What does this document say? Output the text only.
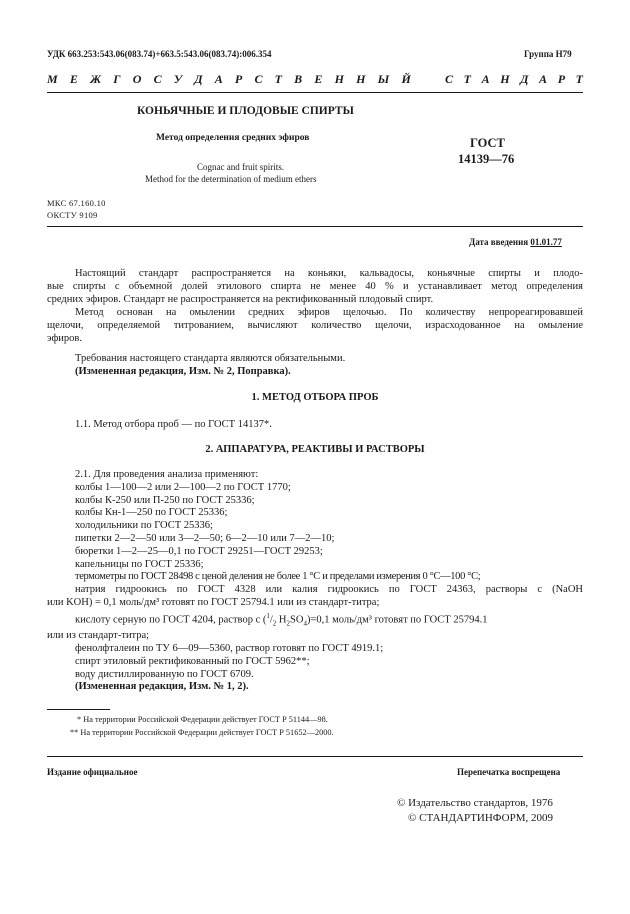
УДК 663.253:543.06(083.74)+663.5:543.06(083.74):006.354	Группа Н79
М Е Ж Г О С У Д А Р С Т В Е Н Н Ы Й	С Т А Н Д А Р Т
КОНЬЯЧНЫЕ И ПЛОДОВЫЕ СПИРТЫ
Метод определения средних эфиров
Cognac and fruit spirits.
Method for the determination of medium ethers
ГОСТ
14139—76
МКС 67.160.10
ОКСТУ 9109
Дата введения 01.01.77
Настоящий стандарт распространяется на коньяки, кальвадосы, коньячные спирты и плодо-
вые спирты с объемной долей этилового спирта не менее 40 % и устанавливает метод определения
средних эфиров. Стандарт не распространяется на ректификованный плодовый спирт.
Метод основан на омылении средних эфиров щелочью. По количеству непрореагировавшей
щелочи, определяемой титрованием, вычисляют количество щелочи, израсходованное на омыление
эфиров.
Требования настоящего стандарта являются обязательными.
(Измененная редакция, Изм. № 2, Поправка).
1. МЕТОД ОТБОРА ПРОБ
1.1. Метод отбора проб — по ГОСТ 14137*.
2. АППАРАТУРА, РЕАКТИВЫ И РАСТВОРЫ
2.1. Для проведения анализа применяют:
колбы 1—100—2 или 2—100—2 по ГОСТ 1770;
колбы К-250 или П-250 по ГОСТ 25336;
колбы Кн-1—250 по ГОСТ 25336;
холодильники по ГОСТ 25336;
пипетки 2—2—50 или 3—2—50; 6—2—10 или 7—2—10;
бюретки 1—2—25—0,1 по ГОСТ 29251—ГОСТ 29253;
капельницы по ГОСТ 25336;
термометры по ГОСТ 28498 с ценой деления не более 1 °С и пределами измерения 0 °С—100 °С;
натрия гидроокись по ГОСТ 4328 или калия гидроокись по ГОСТ 24363, растворы c (NaOH
или KOH) = 0,1 моль/дм³ готовят по ГОСТ 25794.1 или из стандарт-титра;
кислоту серную по ГОСТ 4204, раствор c ($^1/_2$ $H_2SO_4)=0,1$ моль/дм³ готовят по ГОСТ 25794.1
или из стандарт-титра;
фенолфталеин по ТУ 6—09—5360, раствор готовят по ГОСТ 4919.1;
спирт этиловый ректификованный по ГОСТ 5962**;
воду дистиллированную по ГОСТ 6709.
(Измененная редакция, Изм. № 1, 2).
* На территории Российской Федерации действует ГОСТ Р 51144—98.
** На территории Российской Федерации действует ГОСТ Р 51652—2000.
Издание официальное	Перепечатка воспрещена
© Издательство стандартов, 1976
© СТАНДАРТИНФОРМ, 2009
